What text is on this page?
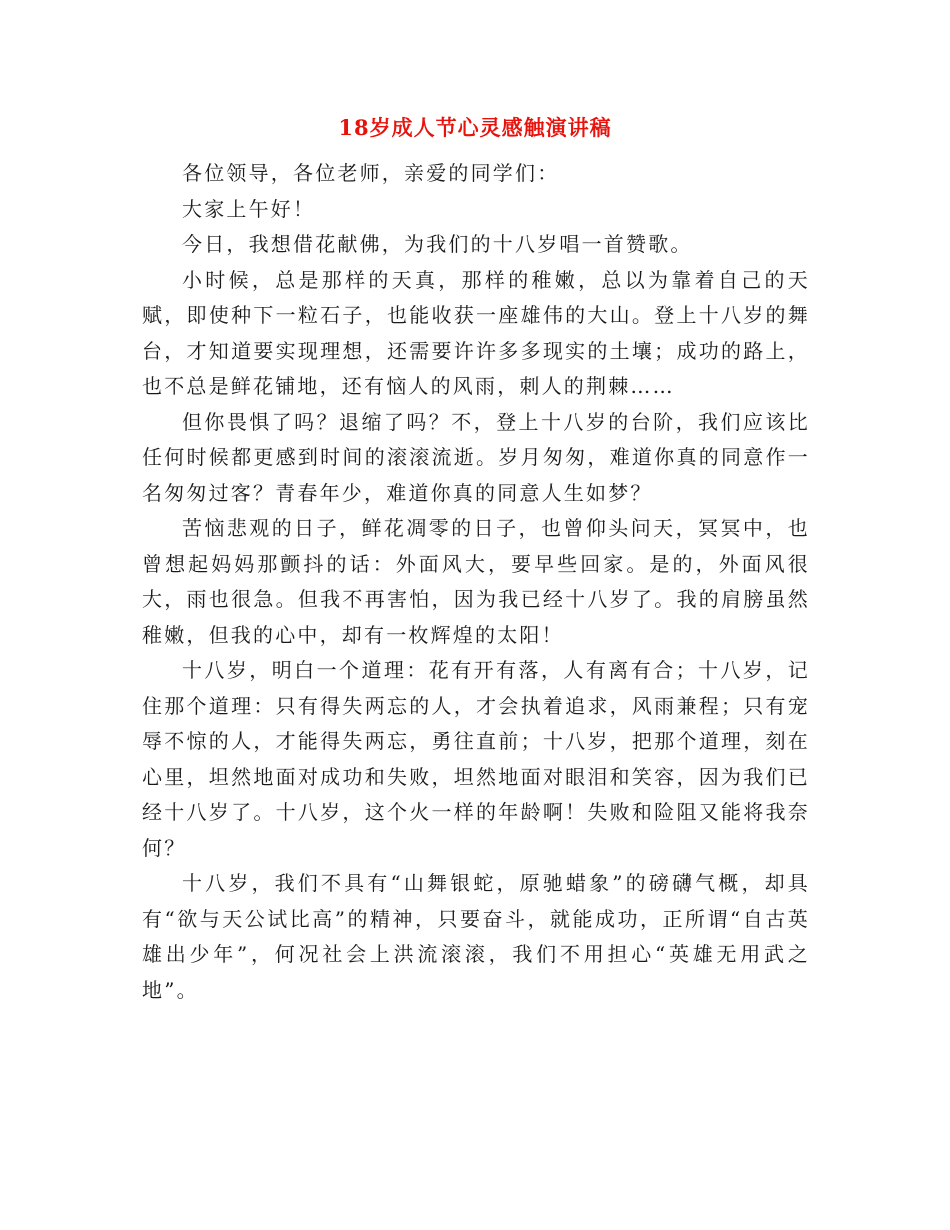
18岁成人节心灵感触演讲稿

各位领导，各位老师，亲爱的同学们：

大家上午好！

今日，我想借花献佛，为我们的十八岁唱一首赞歌。

小时候，总是那样的天真，那样的稚嫩，总以为靠着自己的天赋，即使种下一粒石子，也能收获一座雄伟的大山。登上十八岁的舞台，才知道要实现理想，还需要许许多多现实的土壤；成功的路上，也不总是鲜花铺地，还有恼人的风雨，刺人的荆棘……

但你畏惧了吗？退缩了吗？不，登上十八岁的台阶，我们应该比任何时候都更感到时间的滚滚流逝。岁月匆匆，难道你真的同意作一名匆匆过客？青春年少，难道你真的同意人生如梦？

苦恼悲观的日子，鲜花凋零的日子，也曾仰头问天，冥冥中，也曾想起妈妈那颤抖的话：外面风大，要早些回家。是的，外面风很大，雨也很急。但我不再害怕，因为我已经十八岁了。我的肩膀虽然稚嫩，但我的心中，却有一枚辉煌的太阳！

十八岁，明白一个道理：花有开有落，人有离有合；十八岁，记住那个道理：只有得失两忘的人，才会执着追求，风雨兼程；只有宠辱不惊的人，才能得失两忘，勇往直前；十八岁，把那个道理，刻在心里，坦然地面对成功和失败，坦然地面对眼泪和笑容，因为我们已经十八岁了。十八岁，这个火一样的年龄啊！失败和险阻又能将我奈何？

十八岁，我们不具有“山舞银蛇，原驰蜡象”的磅礴气概，却具有“欲与天公试比高”的精神，只要奋斗，就能成功，正所谓“自古英雄出少年”，何况社会上洪流滚滚，我们不用担心“英雄无用武之地”。
